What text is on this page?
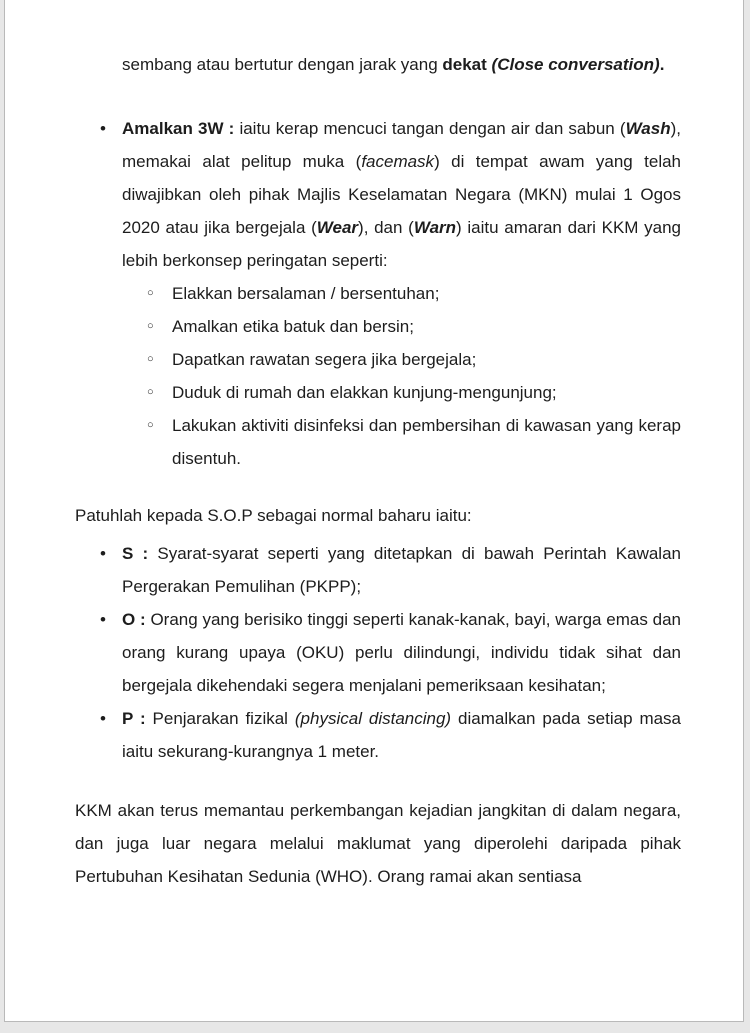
sembang atau bertutur dengan jarak yang dekat (Close conversation).

• Amalkan 3W : iaitu kerap mencuci tangan dengan air dan sabun (Wash), memakai alat pelitup muka (facemask) di tempat awam yang telah diwajibkan oleh pihak Majlis Keselamatan Negara (MKN) mulai 1 Ogos 2020 atau jika bergejala (Wear), dan (Warn) iaitu amaran dari KKM yang lebih berkonsep peringatan seperti:
○	Elakkan bersalaman / bersentuhan;
○	Amalkan etika batuk dan bersin;
○	Dapatkan rawatan segera jika bergejala;
○	Duduk di rumah dan elakkan kunjung-mengunjung;
○	Lakukan aktiviti disinfeksi dan pembersihan di kawasan yang kerap disentuh.

Patuhlah kepada S.O.P sebagai normal baharu iaitu:

• S : Syarat-syarat seperti yang ditetapkan di bawah Perintah Kawalan Pergerakan Pemulihan (PKPP);
• O : Orang yang berisiko tinggi seperti kanak-kanak, bayi, warga emas dan orang kurang upaya (OKU) perlu dilindungi, individu tidak sihat dan bergejala dikehendaki segera menjalani pemeriksaan kesihatan;
• P : Penjarakan fizikal (physical distancing) diamalkan pada setiap masa iaitu sekurang-kurangnya 1 meter.

KKM akan terus memantau perkembangan kejadian jangkitan di dalam negara, dan juga luar negara melalui maklumat yang diperolehi daripada pihak Pertubuhan Kesihatan Sedunia (WHO). Orang ramai akan sentiasa
